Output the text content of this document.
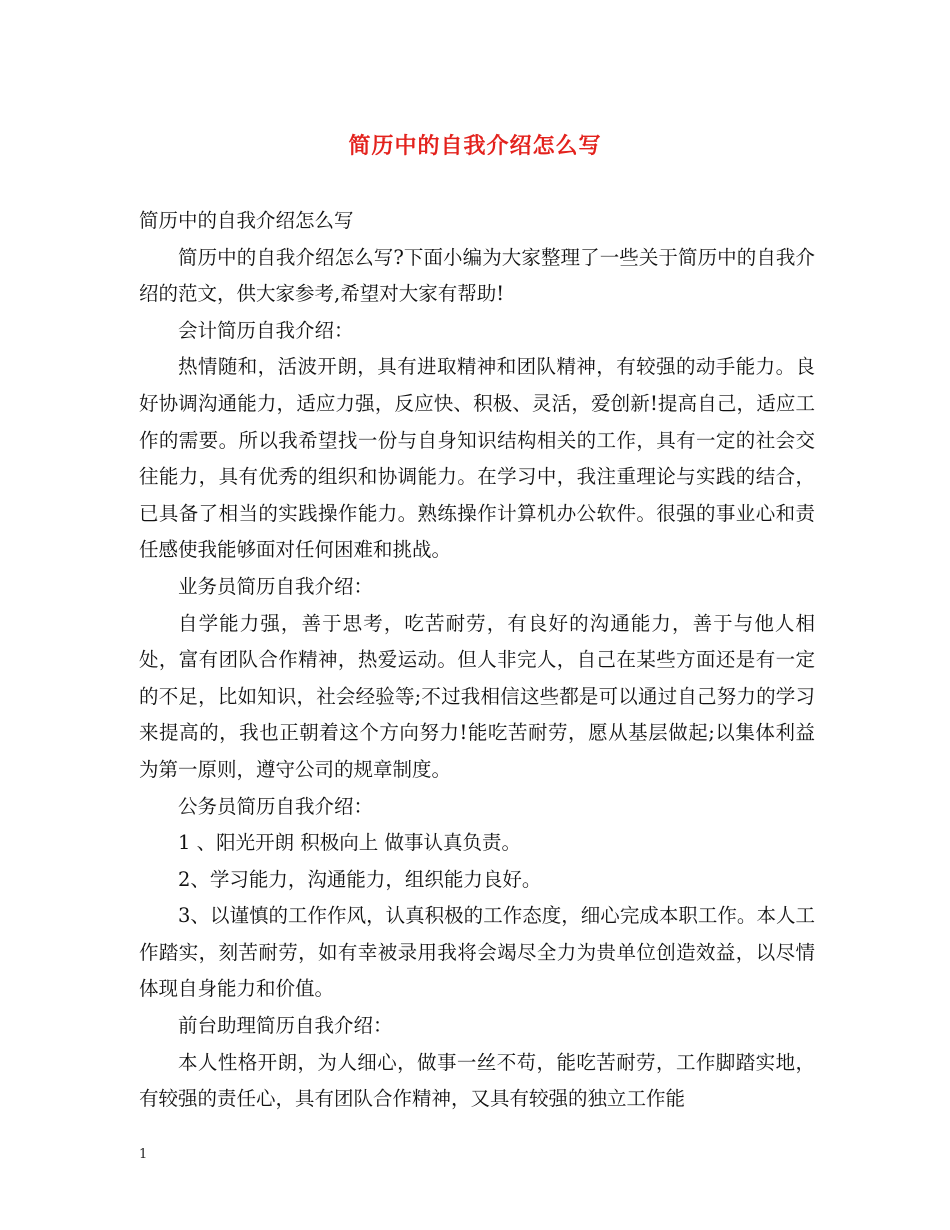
简历中的自我介绍怎么写

简历中的自我介绍怎么写

简历中的自我介绍怎么写?下面小编为大家整理了一些关于简历中的自我介绍的范文，供大家参考,希望对大家有帮助!

会计简历自我介绍：

热情随和，活波开朗，具有进取精神和团队精神，有较强的动手能力。良好协调沟通能力，适应力强，反应快、积极、灵活，爱创新!提高自己，适应工作的需要。所以我希望找一份与自身知识结构相关的工作，具有一定的社会交往能力，具有优秀的组织和协调能力。在学习中，我注重理论与实践的结合，已具备了相当的实践操作能力。熟练操作计算机办公软件。很强的事业心和责任感使我能够面对任何困难和挑战。

业务员简历自我介绍：

自学能力强，善于思考，吃苦耐劳，有良好的沟通能力，善于与他人相处，富有团队合作精神，热爱运动。但人非完人，自己在某些方面还是有一定的不足，比如知识，社会经验等;不过我相信这些都是可以通过自己努力的学习来提高的，我也正朝着这个方向努力!能吃苦耐劳，愿从基层做起;以集体利益为第一原则，遵守公司的规章制度。

公务员简历自我介绍：

1 、阳光开朗 积极向上 做事认真负责。

2、学习能力，沟通能力，组织能力良好。

3、以谨慎的工作作风，认真积极的工作态度，细心完成本职工作。本人工作踏实，刻苦耐劳，如有幸被录用我将会竭尽全力为贵单位创造效益，以尽情体现自身能力和价值。

前台助理简历自我介绍：

本人性格开朗，为人细心，做事一丝不苟，能吃苦耐劳，工作脚踏实地，有较强的责任心，具有团队合作精神，又具有较强的独立工作能

1
